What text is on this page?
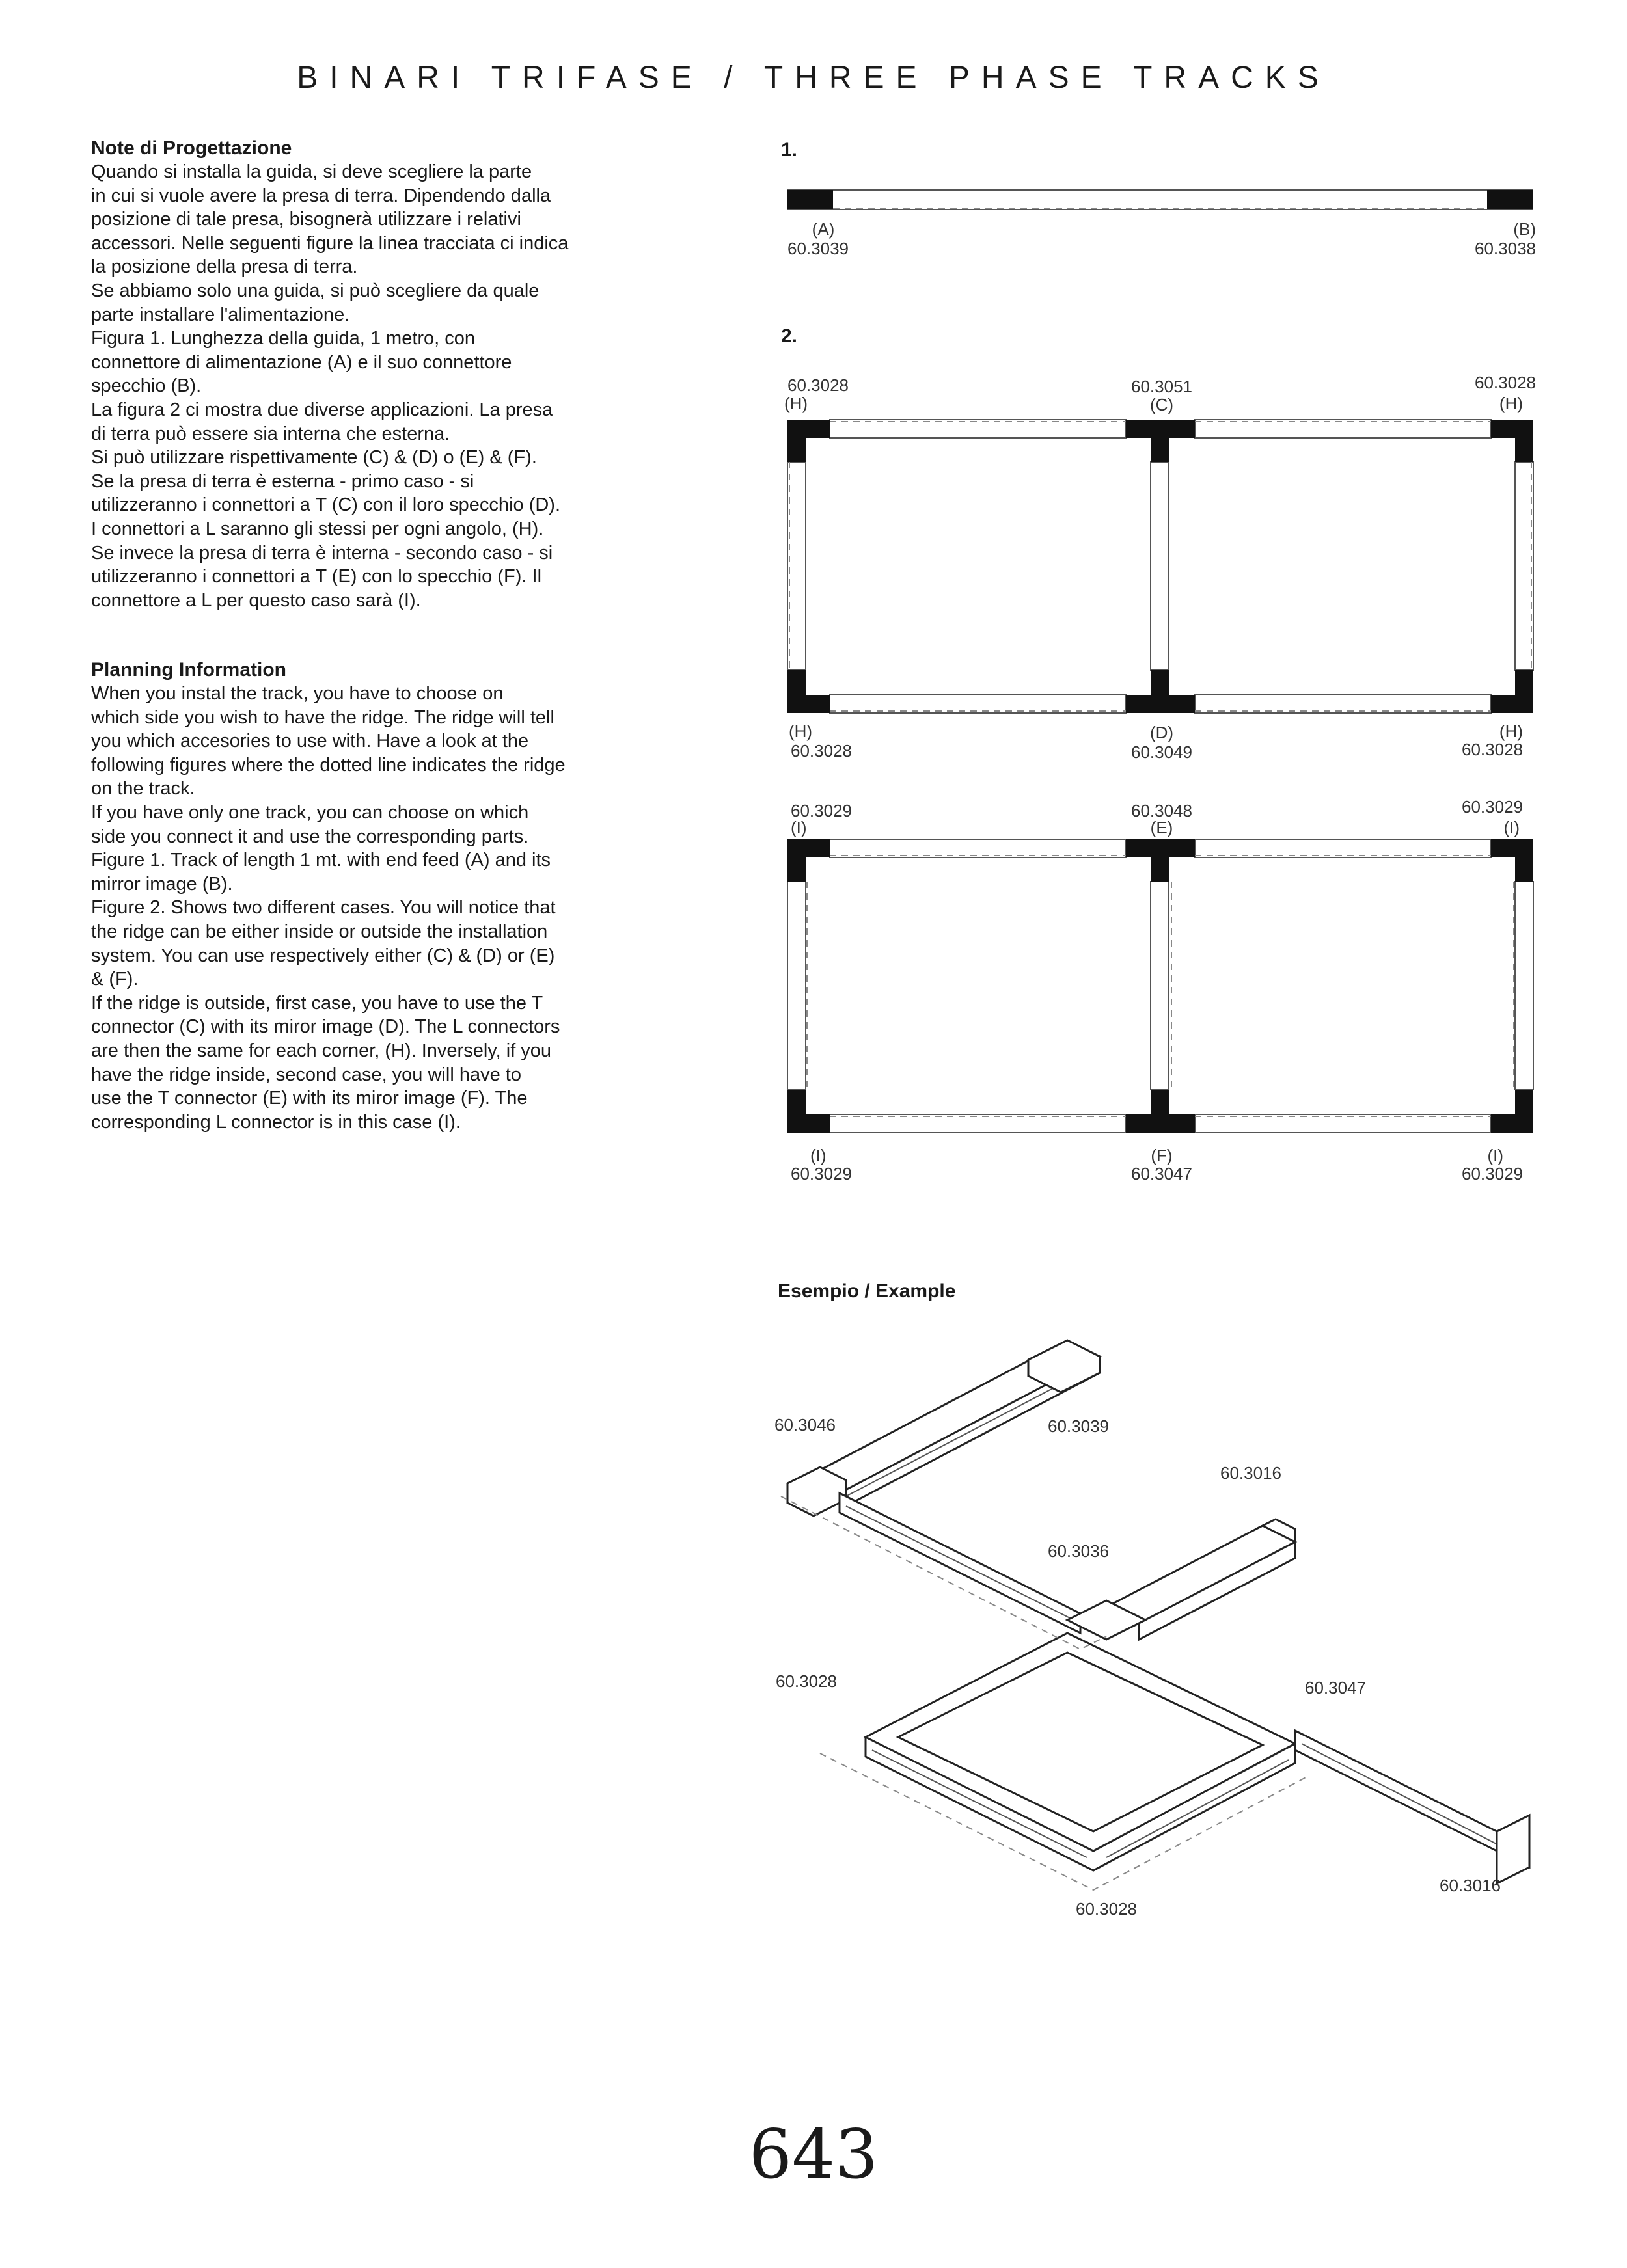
BINARI TRIFASE / THREE PHASE TRACKS
Note di Progettazione

Quando si installa la guida, si deve scegliere la parte
in cui si vuole avere la presa di terra. Dipendendo dalla
posizione di tale presa, bisognerà utilizzare i relativi
accessori. Nelle seguenti figure la linea tracciata ci indica
la posizione della presa di terra.
Se abbiamo solo una guida, si può scegliere da quale
parte installare l'alimentazione.
Figura 1. Lunghezza della guida, 1 metro, con
connettore di alimentazione (A) e il suo connettore
specchio (B).
La figura 2 ci mostra due diverse applicazioni. La presa
di terra può essere sia interna che esterna.
Si può utilizzare rispettivamente (C) & (D) o (E) & (F).
Se la presa di terra è esterna - primo caso - si
utilizzeranno i connettori a T (C) con il loro specchio (D).
I connettori a L saranno gli stessi per ogni angolo, (H).
Se invece la presa di terra è interna - secondo caso - si
utilizzeranno i connettori a T (E) con lo specchio (F). Il
connettore a L per questo caso sarà (I).

Planning Information

When you instal the track, you have to choose on
which side you wish to have the ridge. The ridge will tell
you which accesories to use with. Have a look at the
following figures where the dotted line indicates the ridge
on the track.
If you have only one track, you can choose on which
side you connect it and use the corresponding parts.
Figure 1. Track of length 1 mt. with end feed (A) and its
mirror image (B).
Figure 2. Shows two different cases. You will notice that
the ridge can be either inside or outside the installation
system. You can use respectively either (C) & (D) or (E)
& (F).
If the ridge is outside, first case, you have to use the T
connector (C) with its miror image (D). The L connectors
are then the same for each corner, (H). Inversely, if you
have the ridge inside, second case, you will have to
use the T connector (E) with its miror image (F). The
corresponding L connector is in this case (I).

1.
2.
(A)
60.3039
(B)
60.3038
60.3028
(H)
60.3051
(C)
60.3028
(H)
(H)
60.3028
(D)
60.3049
(H)
60.3028
60.3029
(I)
60.3048
(E)
60.3029
(I)
(I)
60.3029
(F)
60.3047
(I)
60.3029
Esempio / Example
60.3046	60.3039
60.3016
60.3036
60.3028	60.3047
60.3016
60.3028
643
